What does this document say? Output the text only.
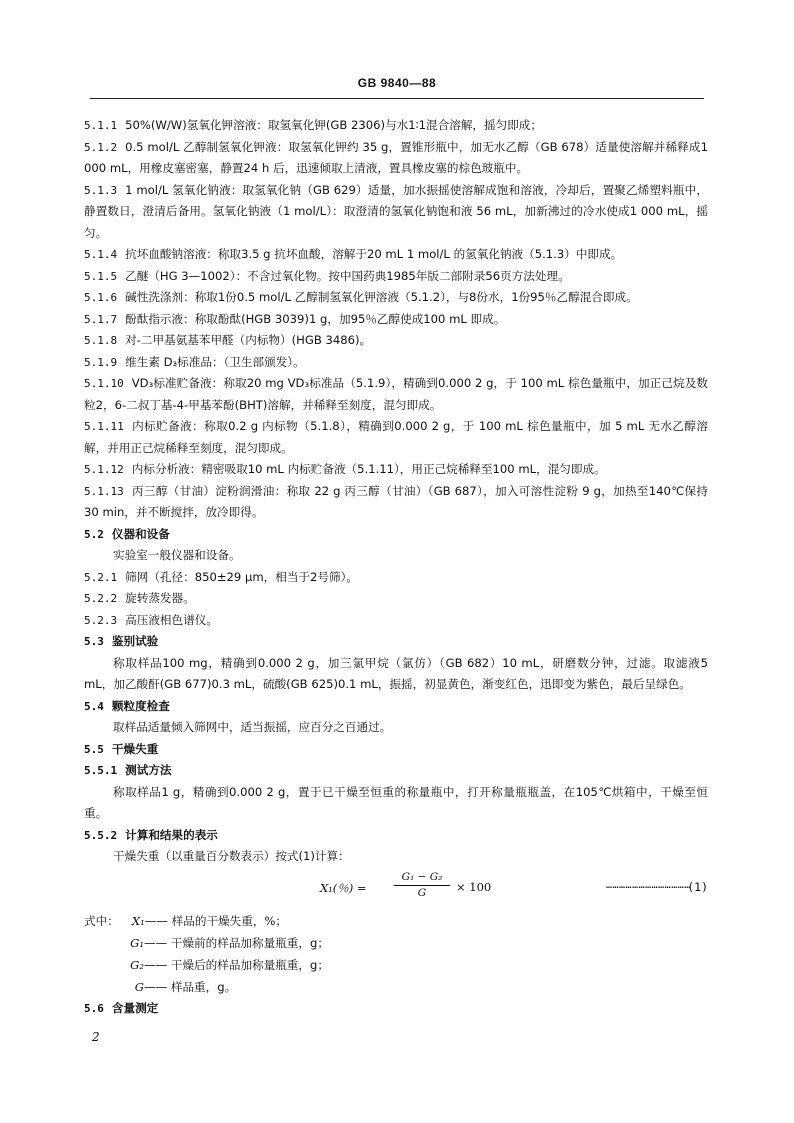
GB 9840—88

5.1.1 50%(W/W)氢氧化钾溶液：取氢氧化钾(GB 2306)与水1∶1混合溶解，摇匀即成；

5.1.2 0.5 mol/L 乙醇制氢氧化钾液：取氢氧化钾约 35 g，置锥形瓶中，加无水乙醇（GB 678）适量使溶解并稀释成1 000 mL，用橡皮塞密塞，静置24 h 后，迅速倾取上清液，置具橡皮塞的棕色玻瓶中。

5.1.3 1 mol/L 氢氧化钠液：取氢氧化钠（GB 629）适量，加水振摇使溶解成饱和溶液，冷却后，置聚乙烯塑料瓶中，静置数日，澄清后备用。氢氧化钠液（1 mol/L）：取澄清的氢氧化钠饱和液 56 mL，加新沸过的冷水使成1 000 mL，摇匀。

5.1.4 抗坏血酸钠溶液：称取3.5 g 抗坏血酸，溶解于20 mL 1 mol/L 的氢氧化钠液（5.1.3）中即成。

5.1.5 乙醚（HG 3—1002）：不含过氧化物。按中国药典1985年版二部附录56页方法处理。

5.1.6 碱性洗涤剂：称取1份0.5 mol/L 乙醇制氢氧化钾溶液（5.1.2），与8份水，1份95％乙醇混合即成。

5.1.7 酚酞指示液：称取酚酞(HGB 3039)1 g，加95％乙醇使成100 mL 即成。

5.1.8 对-二甲基氨基苯甲醛（内标物）(HGB 3486)。

5.1.9 维生素 D₃标准品：（卫生部颁发）。

5.1.10 VD₃标准贮备液：称取20 mg VD₃标准品（5.1.9），精确到0.000 2 g，于 100 mL 棕色量瓶中，加正己烷及数粒2，6-二叔丁基-4-甲基苯酚(BHT)溶解，并稀释至刻度，混匀即成。

5.1.11 内标贮备液：称取0.2 g 内标物（5.1.8），精确到0.000 2 g，于 100 mL 棕色量瓶中，加 5 mL 无水乙醇溶解，并用正己烷稀释至刻度，混匀即成。

5.1.12 内标分析液：精密吸取10 mL 内标贮备液（5.1.11），用正己烷稀释至100 mL，混匀即成。

5.1.13 丙三醇（甘油）淀粉润滑油：称取 22 g 丙三醇（甘油）（GB 687），加入可溶性淀粉 9 g，加热至140℃保持30 min，并不断搅拌，放冷即得。

5.2 仪器和设备

实验室一般仪器和设备。

5.2.1 筛网（孔径：850±29 μm，相当于2号筛）。

5.2.2 旋转蒸发器。

5.2.3 高压液相色谱仪。

5.3 鉴别试验

称取样品100 mg，精确到0.000 2 g，加三氯甲烷（氯仿）（GB 682）10 mL，研磨数分钟，过滤。取滤液5 mL，加乙酸酐(GB 677)0.3 mL，硫酸(GB 625)0.1 mL，振摇，初显黄色，渐变红色，迅即变为紫色，最后呈绿色。

5.4 颗粒度检查

取样品适量倾入筛网中，适当振摇，应百分之百通过。

5.5 干燥失重

5.5.1 测试方法

称取样品1 g，精确到0.000 2 g，置于已干燥至恒重的称量瓶中，打开称量瓶瓶盖，在105℃烘箱中，干燥至恒重。

5.5.2 计算和结果的表示

干燥失重（以重量百分数表示）按式(1)计算：

X₁(％) =	$\frac{\text{G₁ − G₂}}{G} \times 100$	…………………………………
(1)

式中： X₁—— 样品的干燥失重，%；

G₁—— 干燥前的样品加称量瓶重，g；

G₂—— 干燥后的样品加称量瓶重，g；

G—— 样品重，g。

5.6 含量测定

2
